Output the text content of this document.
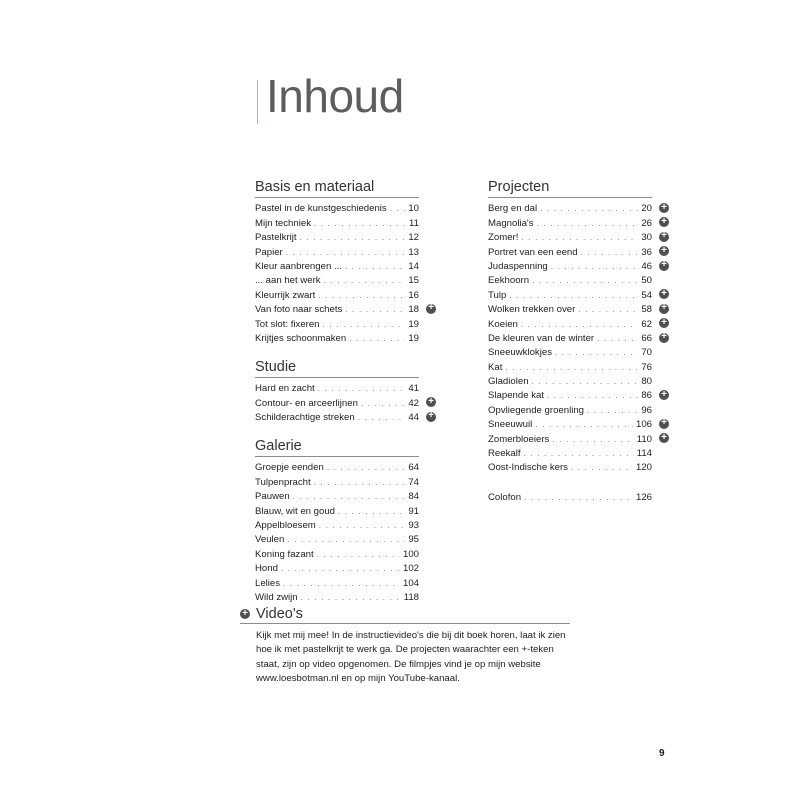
Inhoud
Basis en materiaal
Pastel in de kunstgeschiedenis . . .	10
Mijn techniek . . .	11
Pastelkrijt . . .	12
Papier . . .	13
Kleur aanbrengen ... . . .	14
... aan het werk . . .	15
Kleurrijk zwart . . .	16
Van foto naar schets . . .	18
+
Tot slot: fixeren . . .	19
Krijtjes schoonmaken . . .	19
Studie
Hard en zacht . . .	41
Contour- en arceerlijnen . . .	42
+
Schilderachtige streken . . .	44
+
Galerie
Groepje eenden . . .	64
Tulpenpracht . . .	74
Pauwen . . .	84
Blauw, wit en goud . . .	91
Appelbloesem . . .	93
Veulen . . .	95
Koning fazant . . .	100
Hond . . .	102
Lelies . . .	104
Wild zwijn . . .	118
Projecten
Berg en dal . . .	20
+
Magnolia's . . .	26
+
Zomer! . . .	30
+
Portret van een eend . . .	36
+
Judaspenning . . .	46
+
Eekhoorn . . .	50
Tulp . . .	54
+
Wolken trekken over . . .	58
+
Koeien . . .	62
+
De kleuren van de winter . . .	66
+
Sneeuwklokjes . . .	70
Kat . . .	76
Gladiolen . . .	80
Slapende kat . . .	86
+
Opvliegende groenling . . .	96
Sneeuwuil . . .	106
+
Zomerbloeiers . . .	110
+
Reekalf . . .	114
Oost-Indische kers . . .	120
Colofon . . .	126
+
Video's

Kijk met mij mee! In de instructievideo's die bij dit boek horen, laat ik zien hoe ik met pastelkrijt te werk ga. De projecten waarachter een +-teken staat, zijn op video opgenomen. De filmpjes vind je op mijn website www.loesbotman.nl en op mijn YouTube-kanaal.

9
